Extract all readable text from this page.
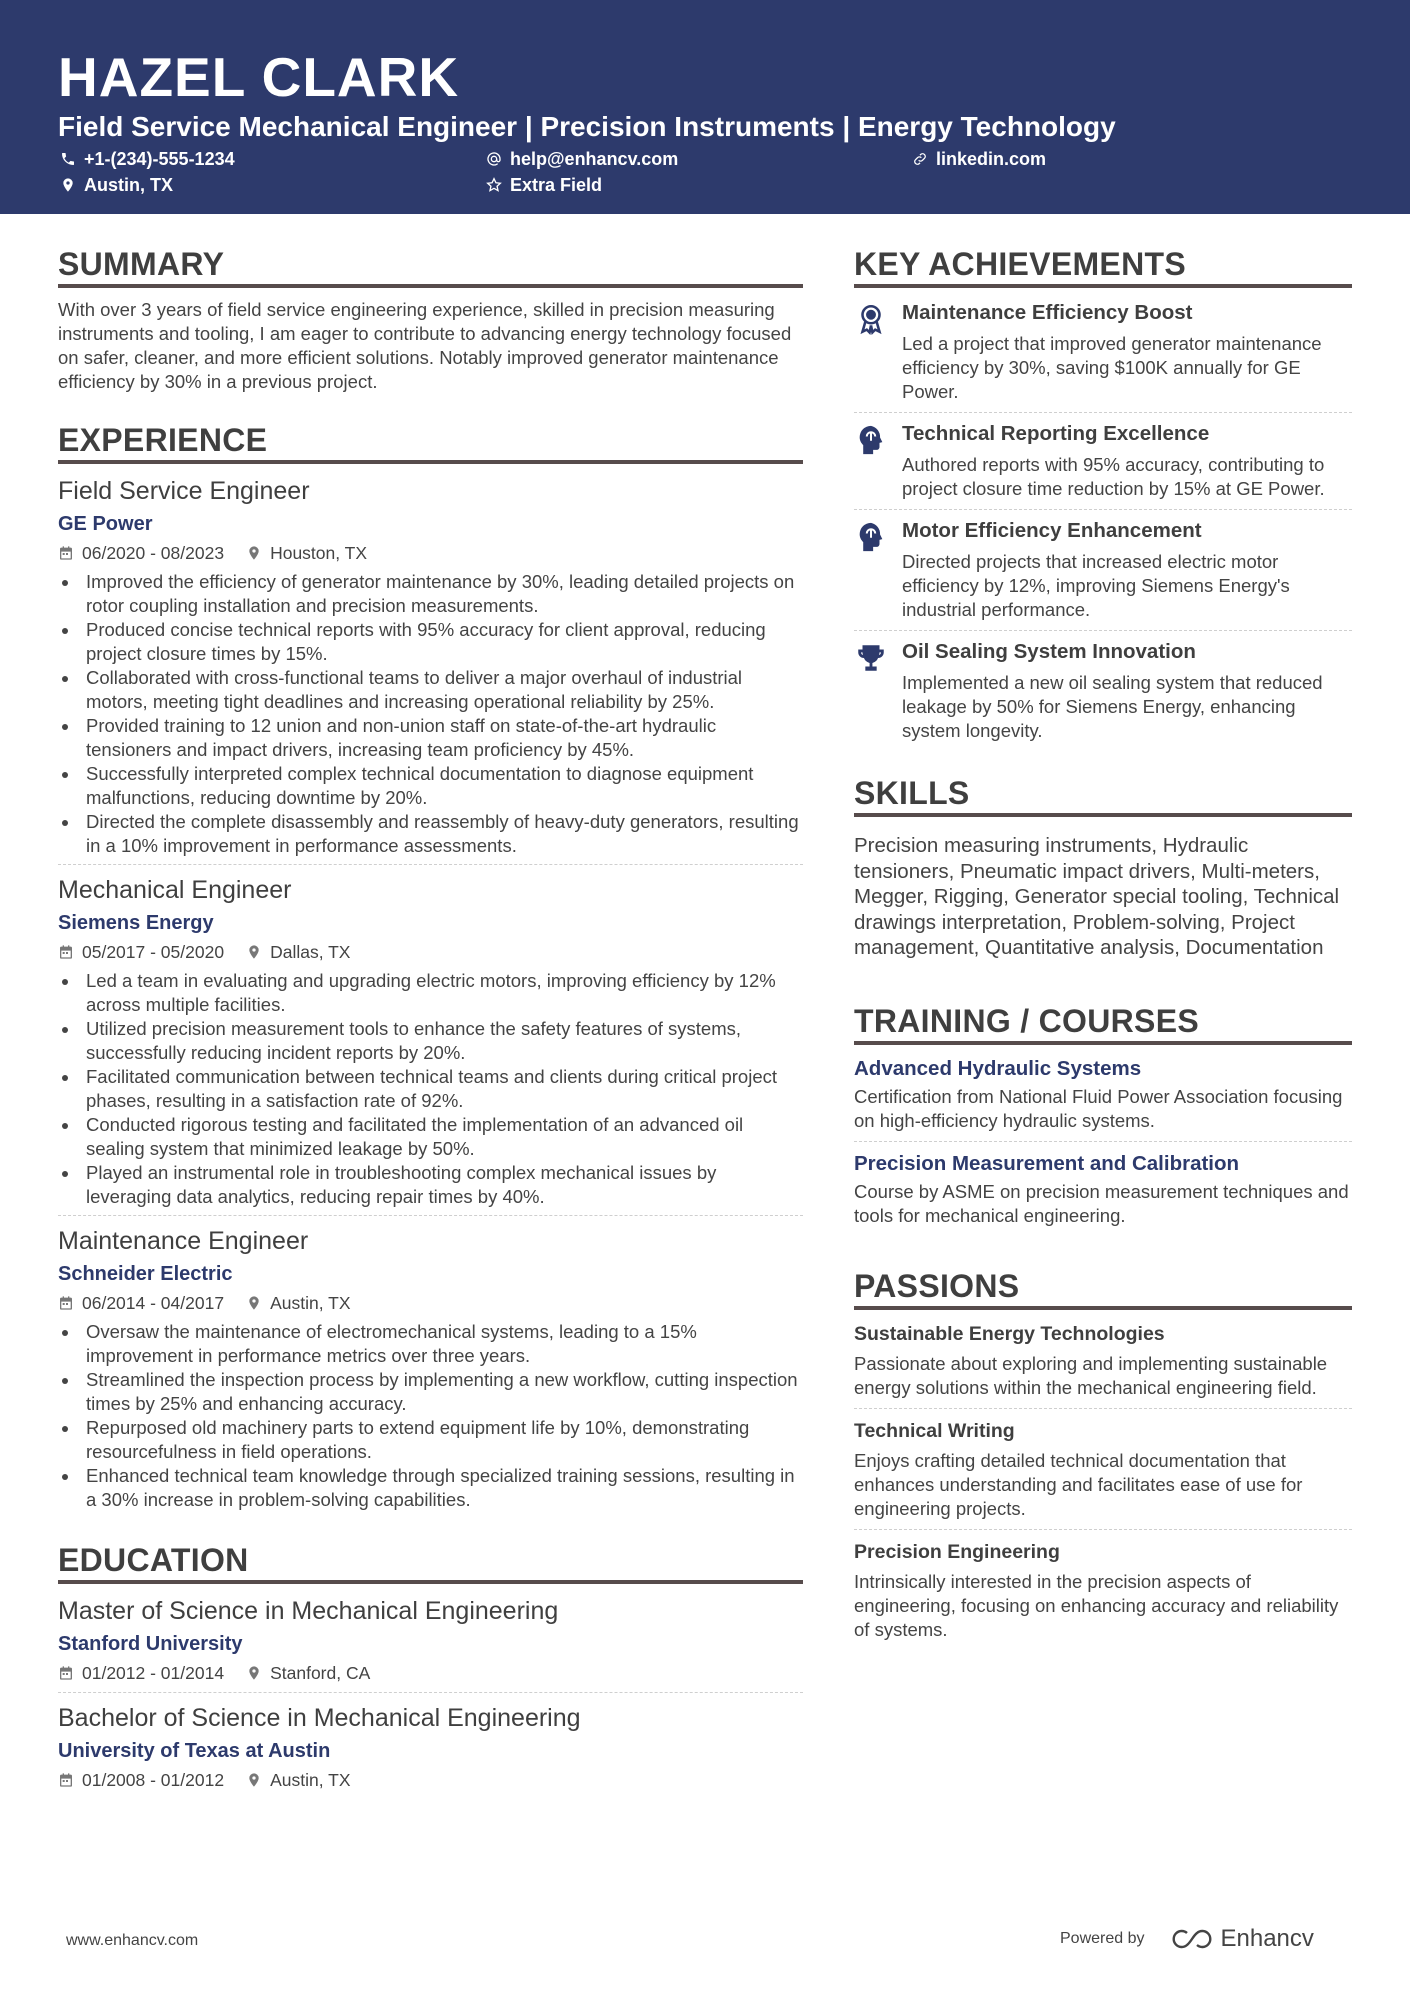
HAZEL CLARK
Field Service Mechanical Engineer | Precision Instruments | Energy Technology
+1-(234)-555-1234	help@enhancv.com	linkedin.com
Austin, TX	Extra Field
SUMMARY
With over 3 years of field service engineering experience, skilled in precision measuring instruments and tooling, I am eager to contribute to advancing energy technology focused on safer, cleaner, and more efficient solutions. Notably improved generator maintenance efficiency by 30% in a previous project.
EXPERIENCE
Field Service Engineer
GE Power
06/2020 - 08/2023	Houston, TX
Improved the efficiency of generator maintenance by 30%, leading detailed projects on rotor coupling installation and precision measurements.
Produced concise technical reports with 95% accuracy for client approval, reducing project closure times by 15%.
Collaborated with cross-functional teams to deliver a major overhaul of industrial motors, meeting tight deadlines and increasing operational reliability by 25%.
Provided training to 12 union and non-union staff on state-of-the-art hydraulic tensioners and impact drivers, increasing team proficiency by 45%.
Successfully interpreted complex technical documentation to diagnose equipment malfunctions, reducing downtime by 20%.
Directed the complete disassembly and reassembly of heavy-duty generators, resulting in a 10% improvement in performance assessments.
Mechanical Engineer
Siemens Energy
05/2017 - 05/2020	Dallas, TX
Led a team in evaluating and upgrading electric motors, improving efficiency by 12% across multiple facilities.
Utilized precision measurement tools to enhance the safety features of systems, successfully reducing incident reports by 20%.
Facilitated communication between technical teams and clients during critical project phases, resulting in a satisfaction rate of 92%.
Conducted rigorous testing and facilitated the implementation of an advanced oil sealing system that minimized leakage by 50%.
Played an instrumental role in troubleshooting complex mechanical issues by leveraging data analytics, reducing repair times by 40%.
Maintenance Engineer
Schneider Electric
06/2014 - 04/2017	Austin, TX
Oversaw the maintenance of electromechanical systems, leading to a 15% improvement in performance metrics over three years.
Streamlined the inspection process by implementing a new workflow, cutting inspection times by 25% and enhancing accuracy.
Repurposed old machinery parts to extend equipment life by 10%, demonstrating resourcefulness in field operations.
Enhanced technical team knowledge through specialized training sessions, resulting in a 30% increase in problem-solving capabilities.
EDUCATION
Master of Science in Mechanical Engineering
Stanford University
01/2012 - 01/2014	Stanford, CA
Bachelor of Science in Mechanical Engineering
University of Texas at Austin
01/2008 - 01/2012	Austin, TX
KEY ACHIEVEMENTS
Maintenance Efficiency Boost
Led a project that improved generator maintenance efficiency by 30%, saving $100K annually for GE Power.
Technical Reporting Excellence
Authored reports with 95% accuracy, contributing to project closure time reduction by 15% at GE Power.
Motor Efficiency Enhancement
Directed projects that increased electric motor efficiency by 12%, improving Siemens Energy's industrial performance.
Oil Sealing System Innovation
Implemented a new oil sealing system that reduced leakage by 50% for Siemens Energy, enhancing system longevity.
SKILLS
Precision measuring instruments, Hydraulic tensioners, Pneumatic impact drivers, Multi-meters, Megger, Rigging, Generator special tooling, Technical drawings interpretation, Problem-solving, Project management, Quantitative analysis, Documentation
TRAINING / COURSES
Advanced Hydraulic Systems
Certification from National Fluid Power Association focusing on high-efficiency hydraulic systems.
Precision Measurement and Calibration
Course by ASME on precision measurement techniques and tools for mechanical engineering.
PASSIONS
Sustainable Energy Technologies
Passionate about exploring and implementing sustainable energy solutions within the mechanical engineering field.
Technical Writing
Enjoys crafting detailed technical documentation that enhances understanding and facilitates ease of use for engineering projects.
Precision Engineering
Intrinsically interested in the precision aspects of engineering, focusing on enhancing accuracy and reliability of systems.
www.enhancv.com	Powered by	Enhancv
